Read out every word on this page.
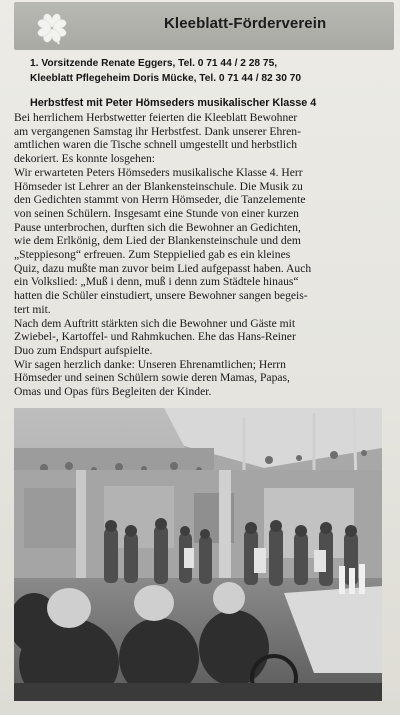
Kleeblatt-Förderverein
1. Vorsitzende Renate Eggers, Tel. 0 71 44 / 2 28 75,
Kleeblatt Pflegeheim Doris Mücke, Tel. 0 71 44 / 82 30 70
Herbstfest mit Peter Hömseders musikalischer Klasse 4
Bei herrlichem Herbstwetter feierten die Kleeblatt Bewohner
am vergangenen Samstag ihr Herbstfest. Dank unserer Ehren-
amtlichen waren die Tische schnell umgestellt und herbstlich
dekoriert. Es konnte losgehen:
Wir erwarteten Peters Hömseders musikalische Klasse 4. Herr
Hömseder ist Lehrer an der Blankensteinschule. Die Musik zu
den Gedichten stammt von Herrn Hömseder, die Tanzelemente
von seinen Schülern. Insgesamt eine Stunde von einer kurzen
Pause unterbrochen, durften sich die Bewohner an Gedichten,
wie dem Erlkönig, dem Lied der Blankensteinschule und dem
„Steppiesong“ erfreuen. Zum Steppielied gab es ein kleines
Quiz, dazu mußte man zuvor beim Lied aufgepasst haben. Auch
ein Volkslied: „Muß i denn, muß i denn zum Städtele hinaus“
hatten die Schüler einstudiert, unsere Bewohner sangen begeis-
tert mit.
Nach dem Auftritt stärkten sich die Bewohner und Gäste mit
Zwiebel-, Kartoffel- und Rahmkuchen. Ehe das Hans-Reiner
Duo zum Endspurt aufspielte.
Wir sagen herzlich danke: Unseren Ehrenamtlichen; Herrn
Hömseder und seinen Schülern sowie deren Mamas, Papas,
Omas und Opas fürs Begleiten der Kinder.
